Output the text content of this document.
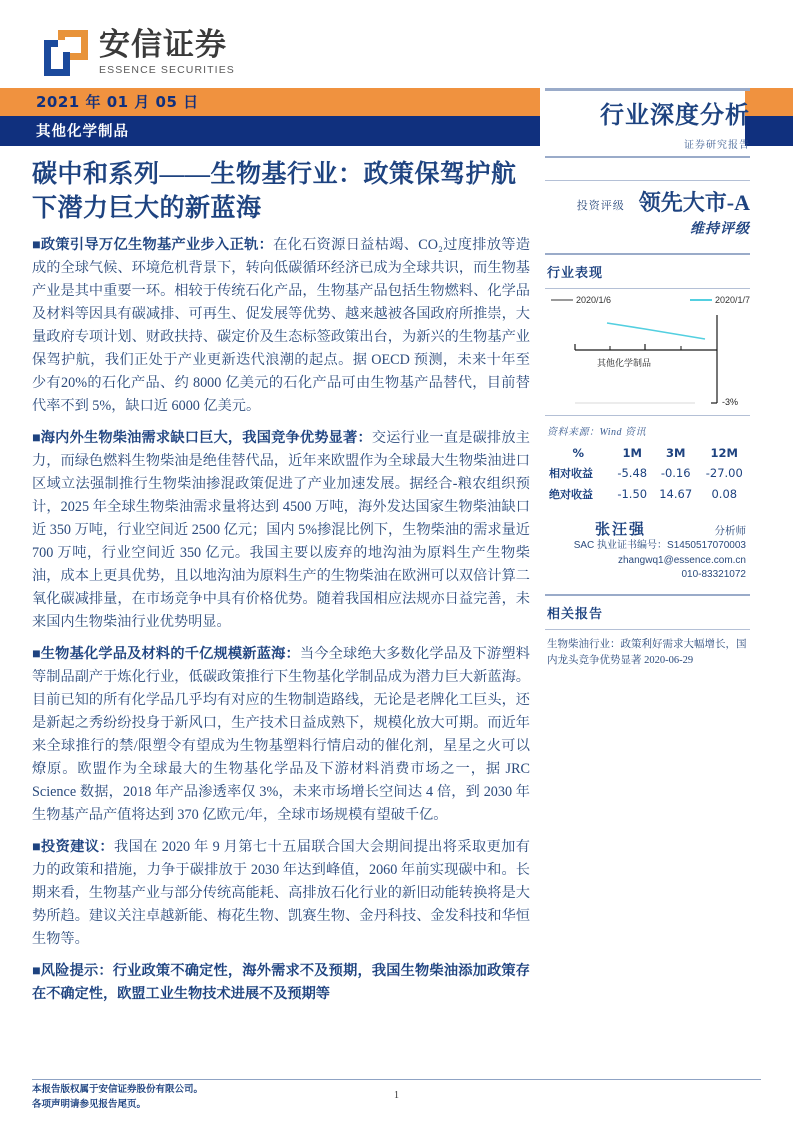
安信证券
ESSENCE SECURITIES
2021 年 01 月 05 日
其他化学制品
行业深度分析
证券研究报告
投资评级 领先大市-A
维持评级
行业表现
2020/1/6	2020/1/7
其他化学制品
-3%
资料来源：Wind 资讯
%	1M	3M	12M
相对收益	-5.48	-0.16	-27.00
绝对收益	-1.50	14.67	0.08
张汪强	分析师
SAC 执业证书编号：S1450517070003
zhangwq1@essence.com.cn
010-83321072
相关报告
生物柴油行业：政策利好需求大幅增长，国内龙头竞争优势显著 2020-06-29
碳中和系列——生物基行业：政策保驾护航下潜力巨大的新蓝海

■政策引导万亿生物基产业步入正轨：在化石资源日益枯竭、CO₂过度排放等造成的全球气候、环境危机背景下，转向低碳循环经济已成为全球共识，而生物基产业是其中重要一环。相较于传统石化产品，生物基产品包括生物燃料、化学品及材料等因具有碳减排、可再生、促发展等优势、越来越被各国政府所推崇，大量政府专项计划、财政扶持、碳定价及生态标签政策出台，为新兴的生物基产业保驾护航，我们正处于产业更新迭代浪潮的起点。据 OECD 预测，未来十年至少有20%的石化产品、约 8000 亿美元的石化产品可由生物基产品替代，目前替代率不到 5%，缺口近 6000 亿美元。

■海内外生物柴油需求缺口巨大，我国竞争优势显著：交运行业一直是碳排放主力，而绿色燃料生物柴油是绝佳替代品，近年来欧盟作为全球最大生物柴油进口区域立法强制推行生物柴油掺混政策促进了产业加速发展。据经合-粮农组织预计，2025 年全球生物柴油需求量将达到 4500 万吨，海外发达国家生物柴油缺口近 350 万吨，行业空间近 2500 亿元；国内 5%掺混比例下，生物柴油的需求量近 700 万吨，行业空间近 350 亿元。我国主要以废弃的地沟油为原料生产生物柴油，成本上更具优势，且以地沟油为原料生产的生物柴油在欧洲可以双倍计算二氧化碳减排量，在市场竞争中具有价格优势。随着我国相应法规亦日益完善，未来国内生物柴油行业优势明显。

■生物基化学品及材料的千亿规模新蓝海：当今全球绝大多数化学品及下游塑料等制品副产于炼化行业，低碳政策推行下生物基化学制品成为潜力巨大新蓝海。目前已知的所有化学品几乎均有对应的生物制造路线，无论是老牌化工巨头，还是新起之秀纷纷投身于新风口，生产技术日益成熟下，规模化放大可期。而近年来全球推行的禁/限塑令有望成为生物基塑料行情启动的催化剂，星星之火可以燎原。欧盟作为全球最大的生物基化学品及下游材料消费市场之一，据 JRC Science 数据，2018 年产品渗透率仅 3%，未来市场增长空间达 4 倍，到 2030 年生物基产品产值将达到 370 亿欧元/年，全球市场规模有望破千亿。

■投资建议：我国在 2020 年 9 月第七十五届联合国大会期间提出将采取更加有力的政策和措施，力争于碳排放于 2030 年达到峰值，2060 年前实现碳中和。长期来看，生物基产业与部分传统高能耗、高排放石化行业的新旧动能转换将是大势所趋。建议关注卓越新能、梅花生物、凯赛生物、金丹科技、金发科技和华恒生物等。

■风险提示：行业政策不确定性，海外需求不及预期，我国生物柴油添加政策存在不确定性，欧盟工业生物技术进展不及预期等

本报告版权属于安信证券股份有限公司。
各项声明请参见报告尾页。
1
